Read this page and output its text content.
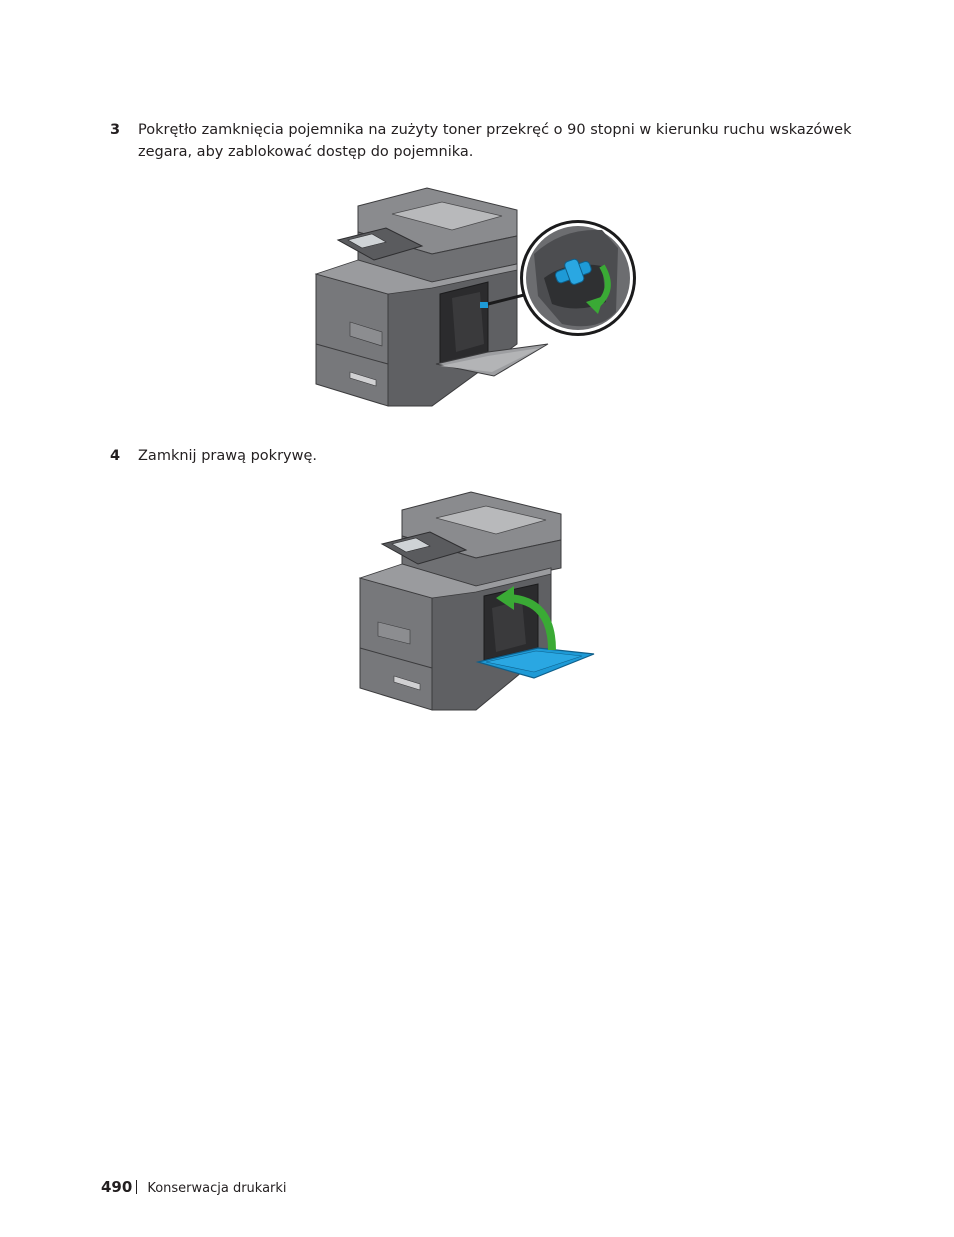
3 Pokrętło zamknięcia pojemnika na zużyty toner przekręć o 90 stopni w kierunku ruchu wskazówek zegara, aby zablokować dostęp do pojemnika.
4 Zamknij prawą pokrywę.
490 Konserwacja drukarki
